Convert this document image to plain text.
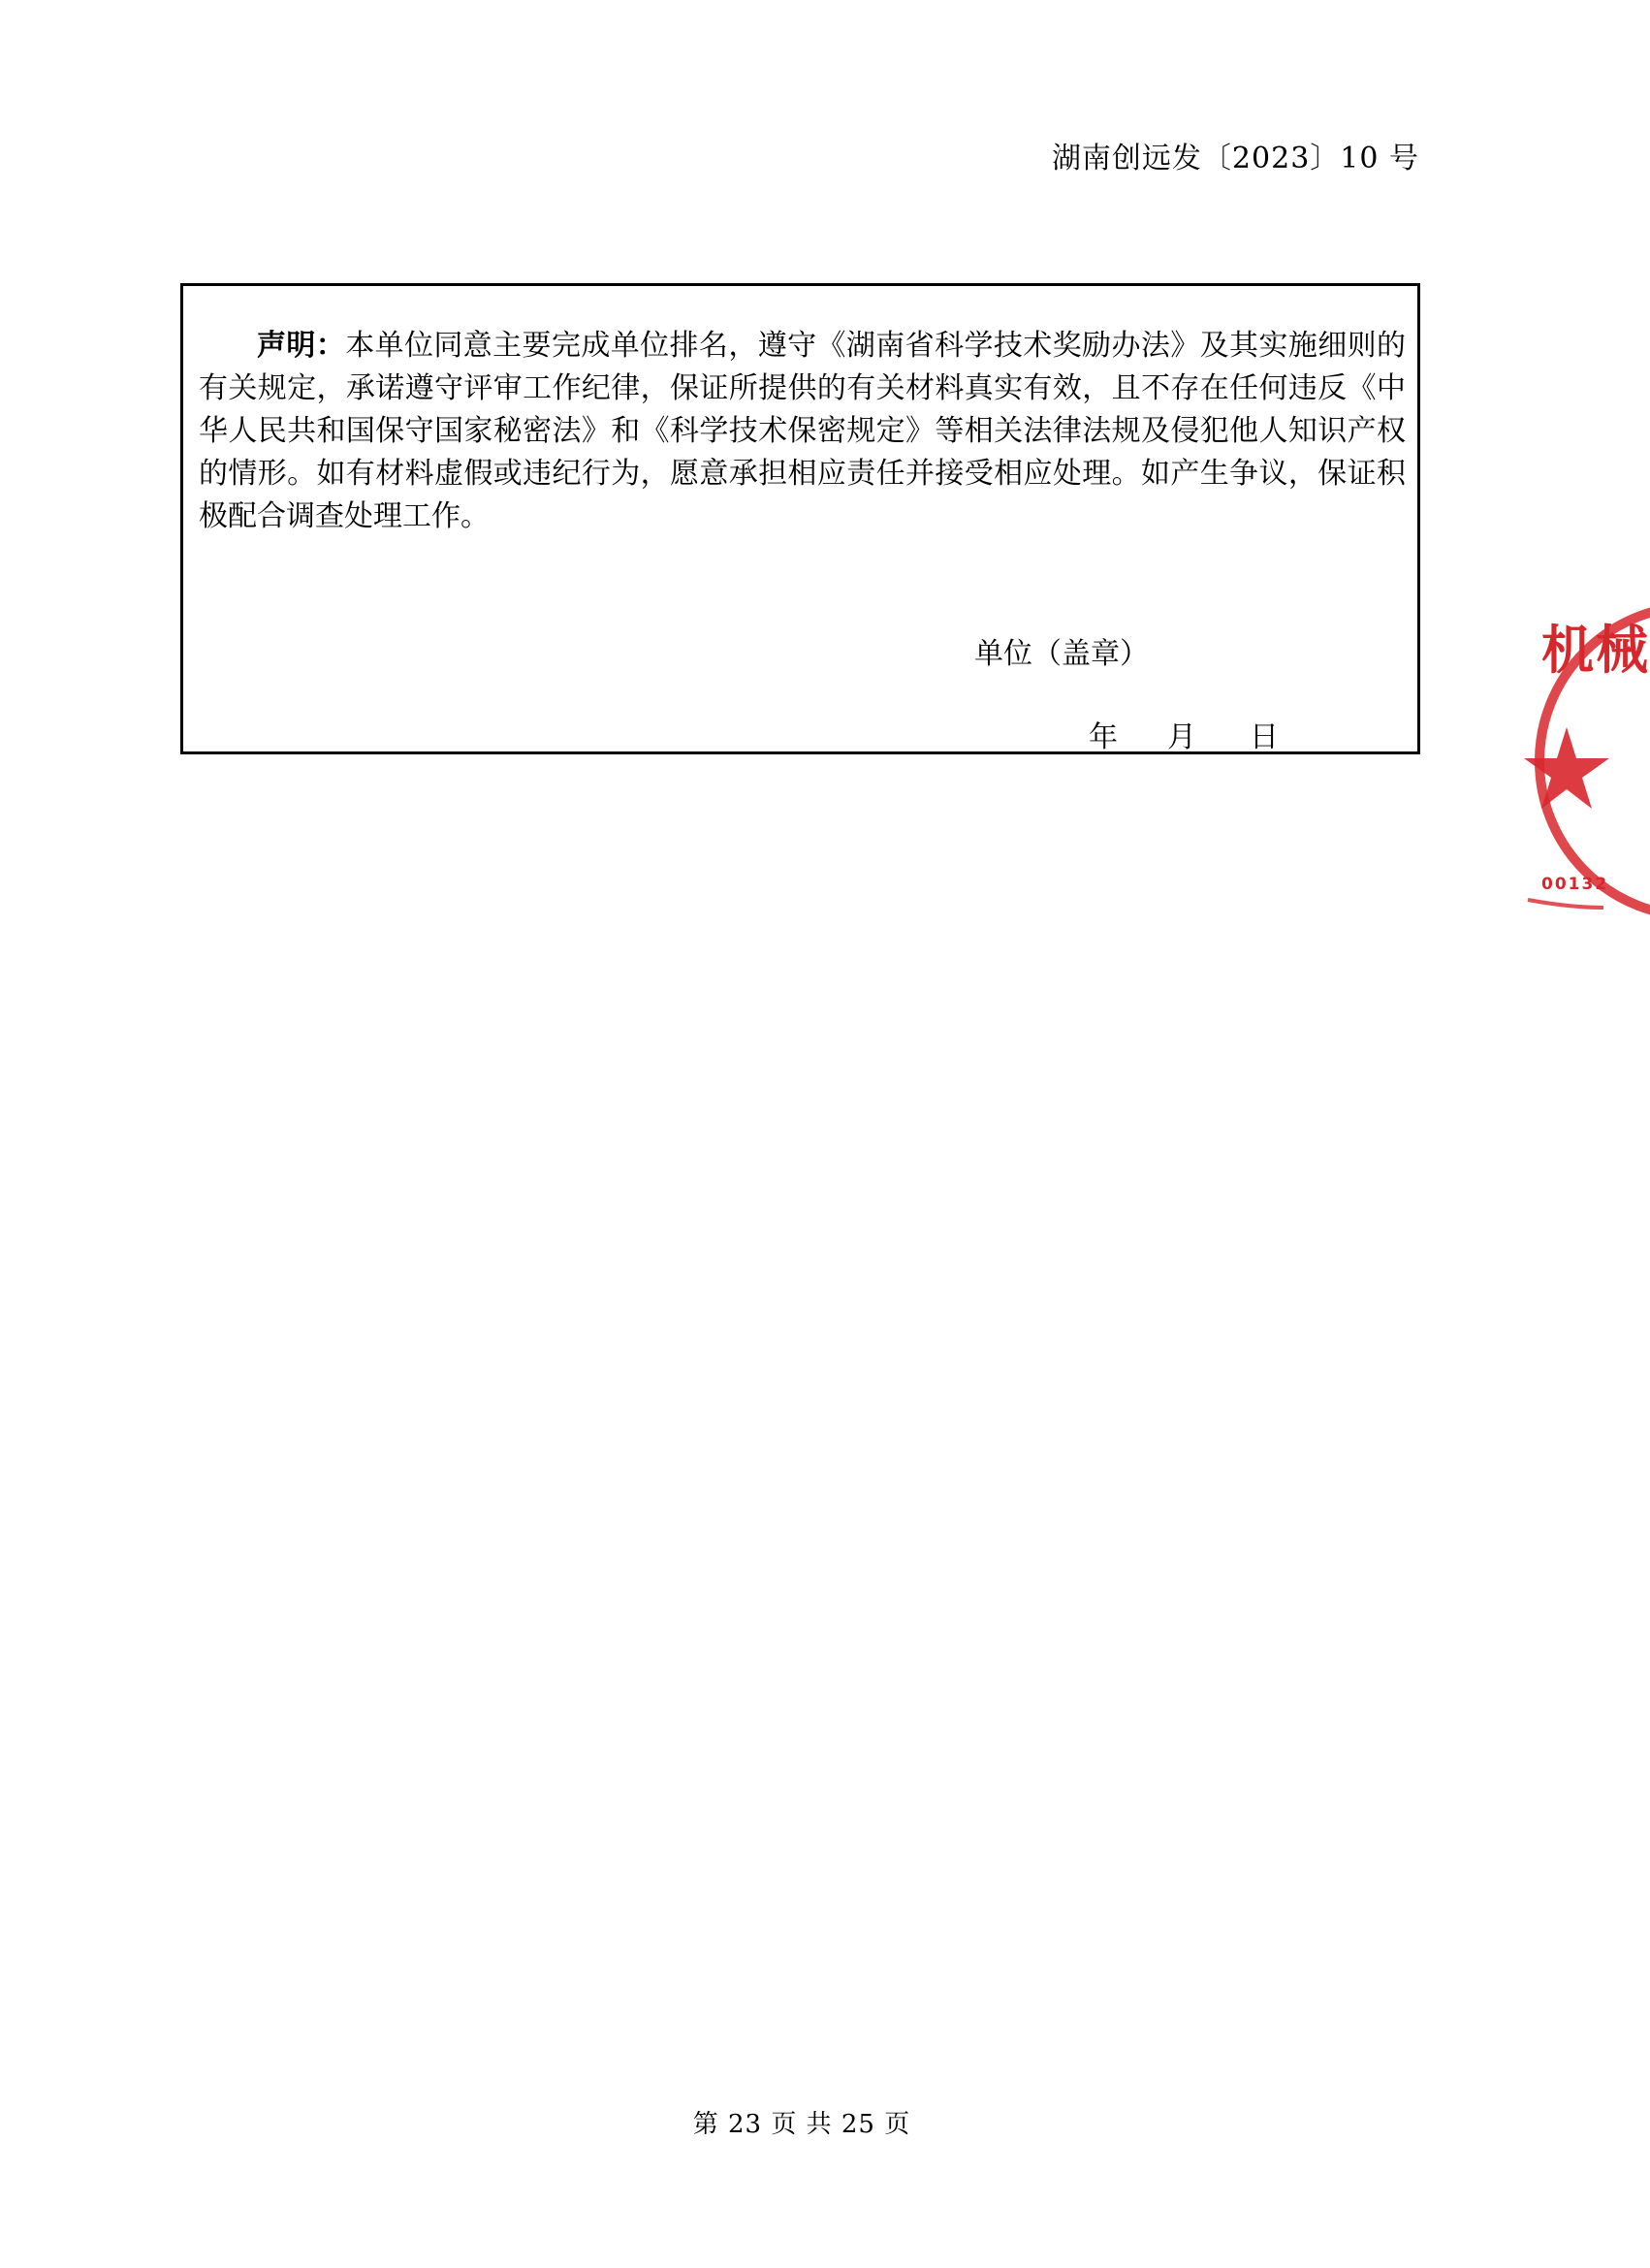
湖南创远发〔2023〕10 号

声明：本单位同意主要完成单位排名，遵守《湖南省科学技术奖励办法》及其实施细则的有关规定，承诺遵守评审工作纪律，保证所提供的有关材料真实有效，且不存在任何违反《中华人民共和国保守国家秘密法》和《科学技术保密规定》等相关法律法规及侵犯他人知识产权的情形。如有材料虚假或违纪行为，愿意承担相应责任并接受相应处理。如产生争议，保证积极配合调查处理工作。

单位（盖章）
年 月 日
机械
00132
第 23 页 共 25 页
